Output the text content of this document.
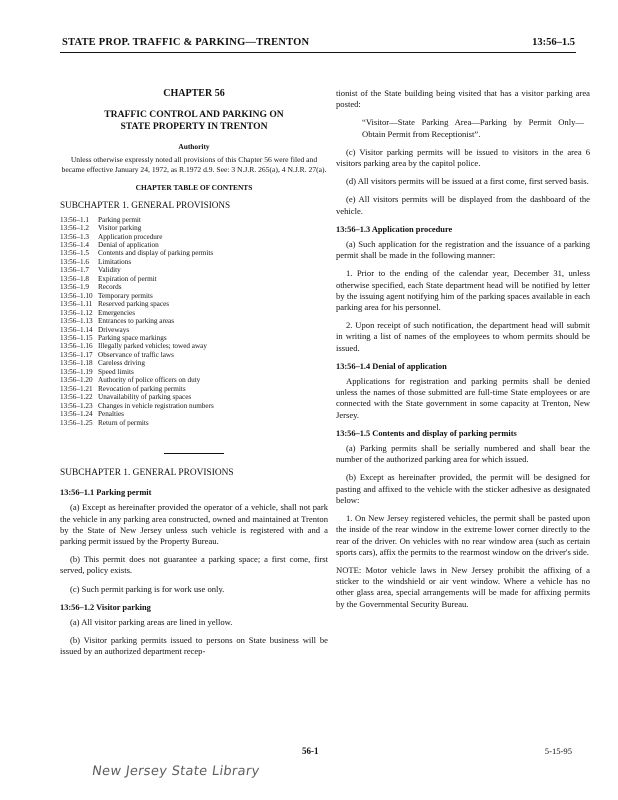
STATE PROP. TRAFFIC & PARKING—TRENTON	13:56–1.5
CHAPTER 56
TRAFFIC CONTROL AND PARKING ON
STATE PROPERTY IN TRENTON
Authority
Unless otherwise expressly noted all provisions of this Chapter 56 were filed and became effective January 24, 1972, as R.1972 d.9. See: 3 N.J.R. 265(a), 4 N.J.R. 27(a).
CHAPTER TABLE OF CONTENTS
SUBCHAPTER 1. GENERAL PROVISIONS
13:56–1.1	Parking permit
13:56–1.2	Visitor parking
13:56–1.3	Application procedure
13:56–1.4	Denial of application
13:56–1.5	Contents and display of parking permits
13:56–1.6	Limitations
13:56–1.7	Validity
13:56–1.8	Expiration of permit
13:56–1.9	Records
13:56–1.10 Temporary permits
13:56–1.11 Reserved parking spaces
13:56–1.12 Emergencies
13:56–1.13 Entrances to parking areas
13:56–1.14 Driveways
13:56–1.15 Parking space markings
13:56–1.16 Illegally parked vehicles; towed away
13:56–1.17 Observance of traffic laws
13:56–1.18 Careless driving
13:56–1.19 Speed limits
13:56–1.20 Authority of police officers on duty
13:56–1.21 Revocation of parking permits
13:56–1.22 Unavailability of parking spaces
13:56–1.23 Changes in vehicle registration numbers
13:56–1.24 Penalties
13:56–1.25 Return of permits
SUBCHAPTER 1. GENERAL PROVISIONS
13:56–1.1 Parking permit

(a) Except as hereinafter provided the operator of a vehicle, shall not park the vehicle in any parking area constructed, owned and maintained at Trenton by the State of New Jersey unless such vehicle is registered with and a parking permit issued by the Property Bureau.

(b) This permit does not guarantee a parking space; a first come, first served, policy exists.

(c) Such permit parking is for work use only.

13:56–1.2 Visitor parking

(a) All visitor parking areas are lined in yellow.

(b) Visitor parking permits issued to persons on State business will be issued by an authorized department recep-

tionist of the State building being visited that has a visitor parking area posted:

“Visitor—State Parking Area—Parking by Permit Only—Obtain Permit from Receptionist”.

(c) Visitor parking permits will be issued to visitors in the area 6 visitors parking area by the capitol police.

(d) All visitors permits will be issued at a first come, first served basis.

(e) All visitors permits will be displayed from the dashboard of the vehicle.

13:56–1.3 Application procedure

(a) Such application for the registration and the issuance of a parking permit shall be made in the following manner:

1. Prior to the ending of the calendar year, December 31, unless otherwise specified, each State department head will be notified by letter by the issuing agent notifying him of the parking spaces available in each parking area for his personnel.

2. Upon receipt of such notification, the department head will submit in writing a list of names of the employees to whom permits should be issued.

13:56–1.4 Denial of application

Applications for registration and parking permits shall be denied unless the names of those submitted are full-time State employees or are connected with the State government in some capacity at Trenton, New Jersey.

13:56–1.5 Contents and display of parking permits

(a) Parking permits shall be serially numbered and shall bear the number of the authorized parking area for which issued.

(b) Except as hereinafter provided, the permit will be designed for pasting and affixed to the vehicle with the sticker adhesive as designated below:

1. On New Jersey registered vehicles, the permit shall be pasted upon the inside of the rear window in the extreme lower corner directly to the rear of the driver. On vehicles with no rear window area (such as certain sports cars), affix the permits to the rearmost window on the driver's side.

NOTE: Motor vehicle laws in New Jersey prohibit the affixing of a sticker to the windshield or air vent window. Where a vehicle has no other glass area, special arrangements will be made for affixing permits by the Governmental Security Bureau.

56-1	5-15-95
New Jersey State Library
